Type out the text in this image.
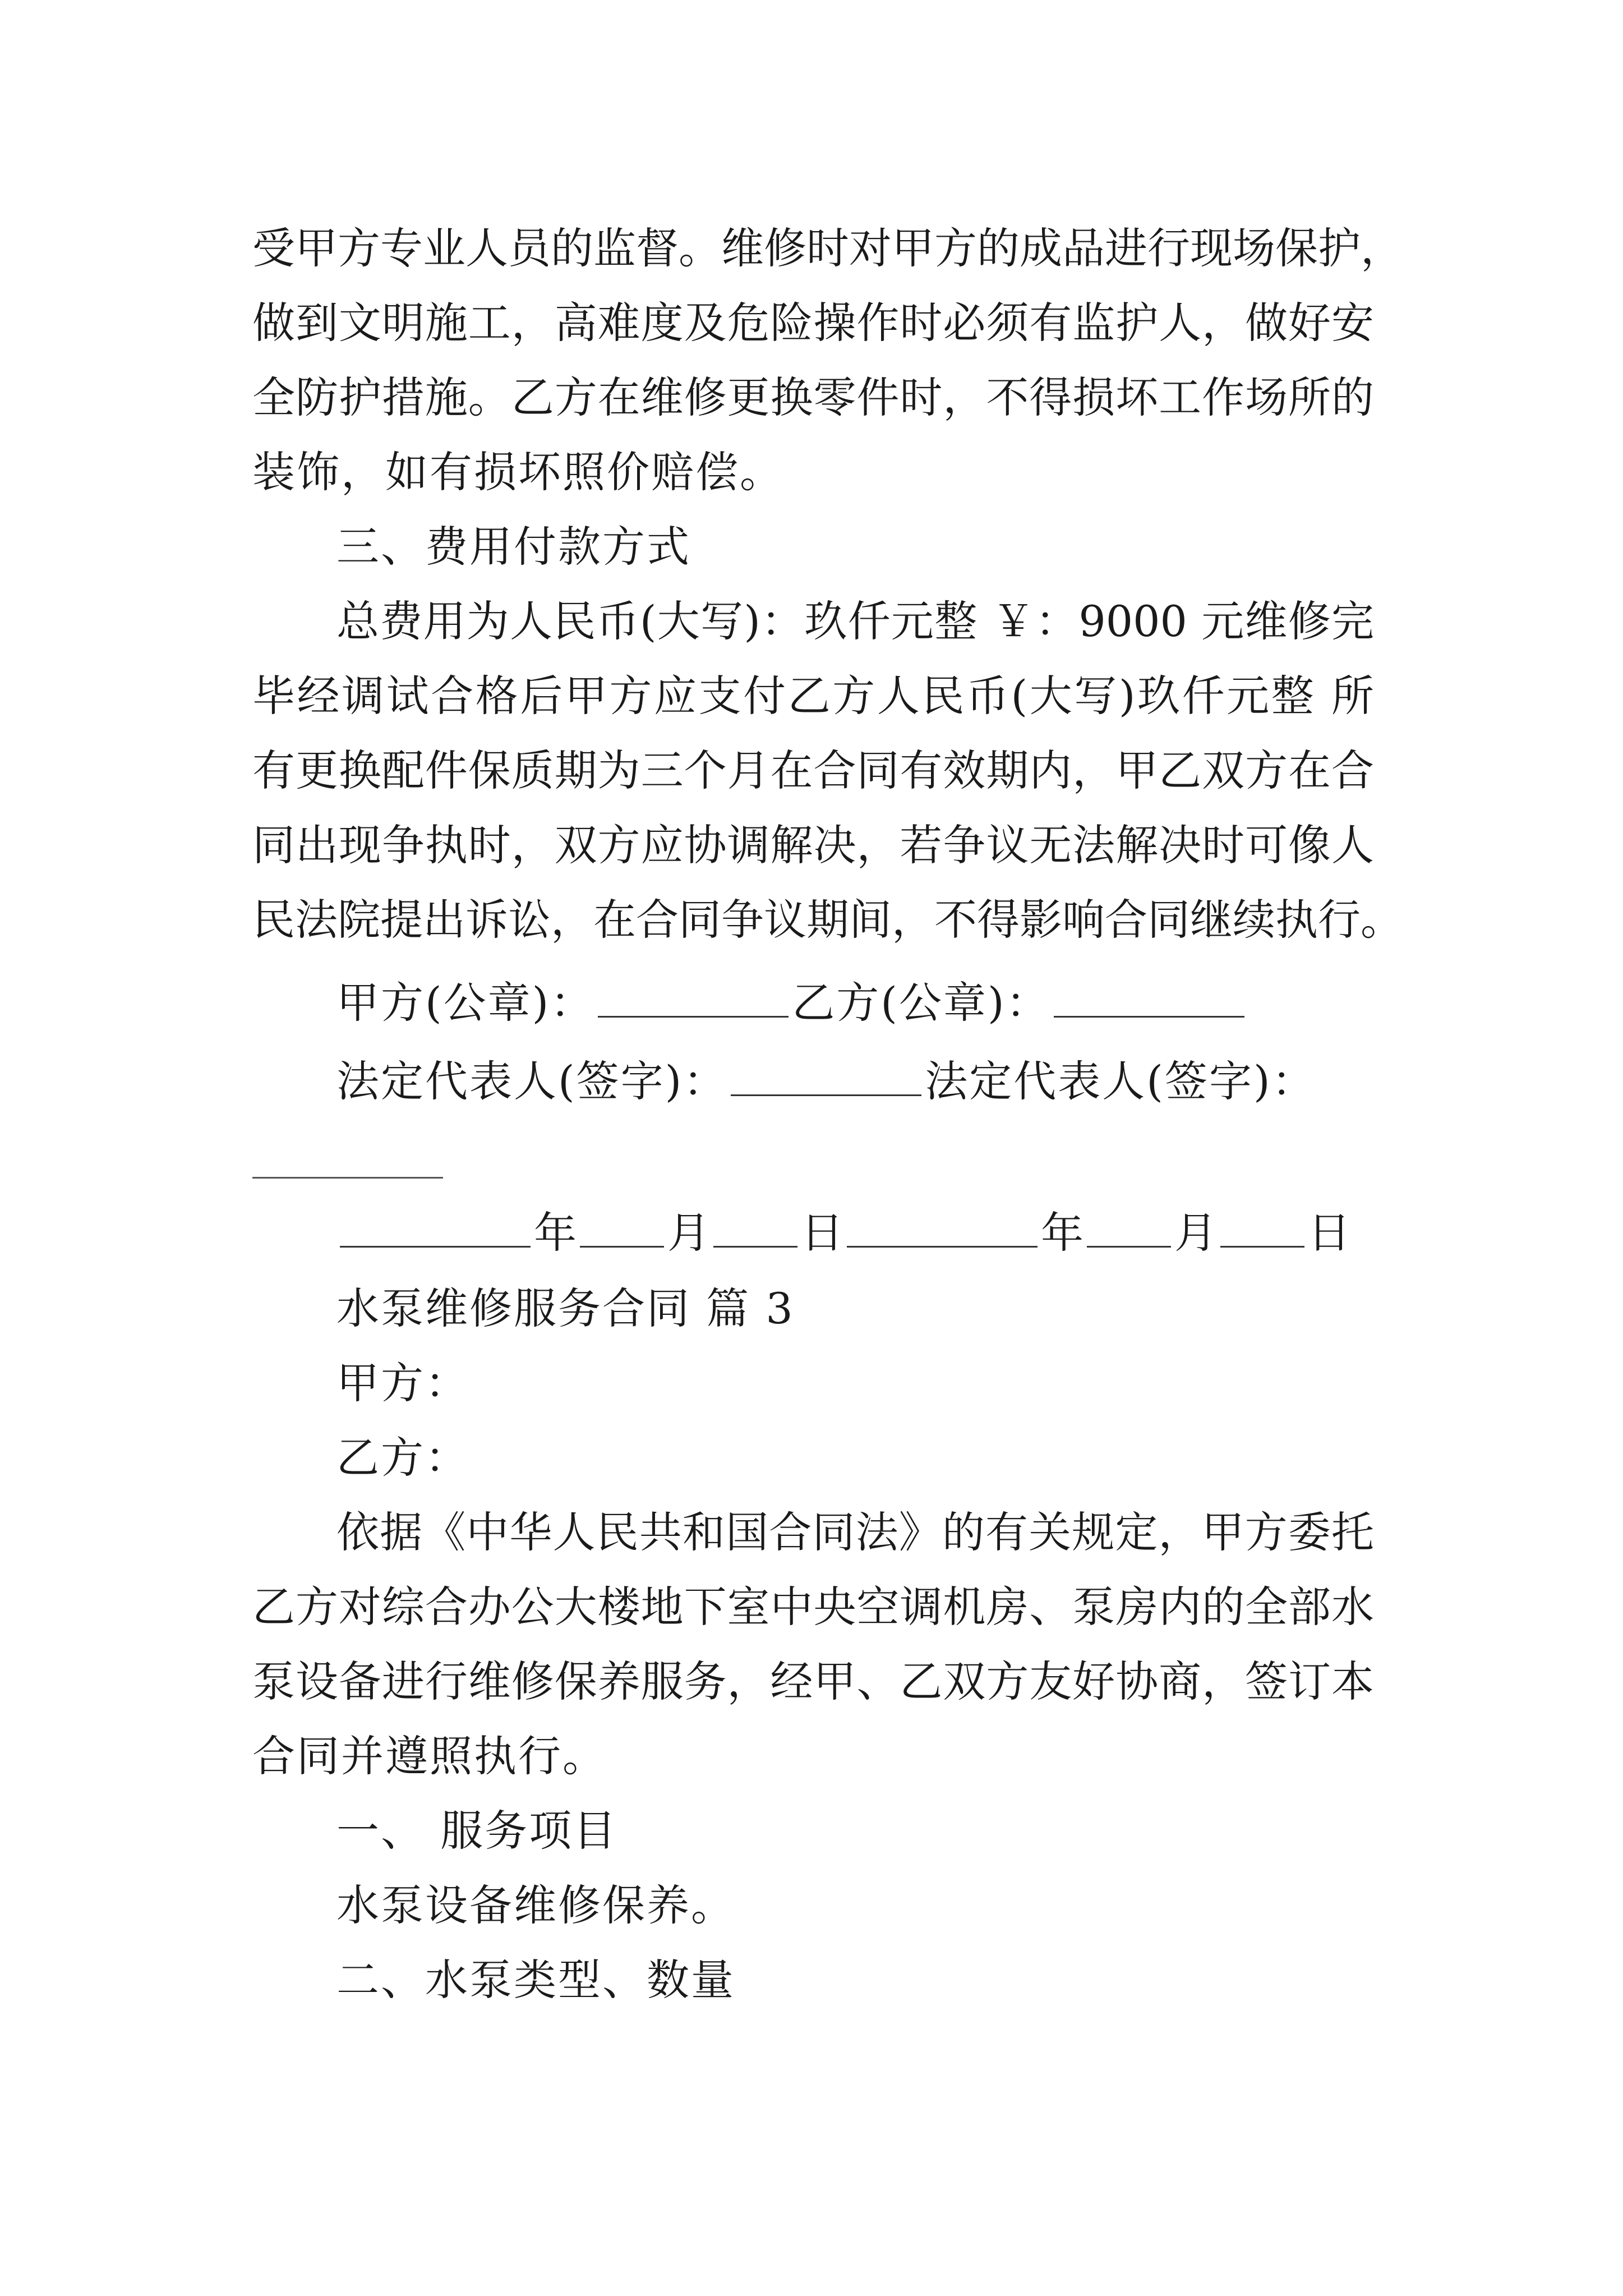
受甲方专业人员的监督。维修时对甲方的成品进行现场保护，
做到文明施工，高难度及危险操作时必须有监护人，做好安
全防护措施。乙方在维修更换零件时，不得损坏工作场所的
装饰，如有损坏照价赔偿。
三、费用付款方式
总费用为人民币(大写)：玖仟元整 ￥：9000 元维修完
毕经调试合格后甲方应支付乙方人民币(大写)玖仟元整 所
有更换配件保质期为三个月在合同有效期内，甲乙双方在合
同出现争执时，双方应协调解决，若争议无法解决时可像人
民法院提出诉讼，在合同争议期间，不得影响合同继续执行。
甲方(公章)：	乙方(公章)：
法定代表人(签字)：	法定代表人(签字)：
年 月 日	年 月 日
水泵维修服务合同 篇 3
甲方：
乙方：
依据《中华人民共和国合同法》的有关规定，甲方委托
乙方对综合办公大楼地下室中央空调机房、泵房内的全部水
泵设备进行维修保养服务，经甲、乙双方友好协商，签订本
合同并遵照执行。
一、 服务项目
水泵设备维修保养。
二、水泵类型、数量
